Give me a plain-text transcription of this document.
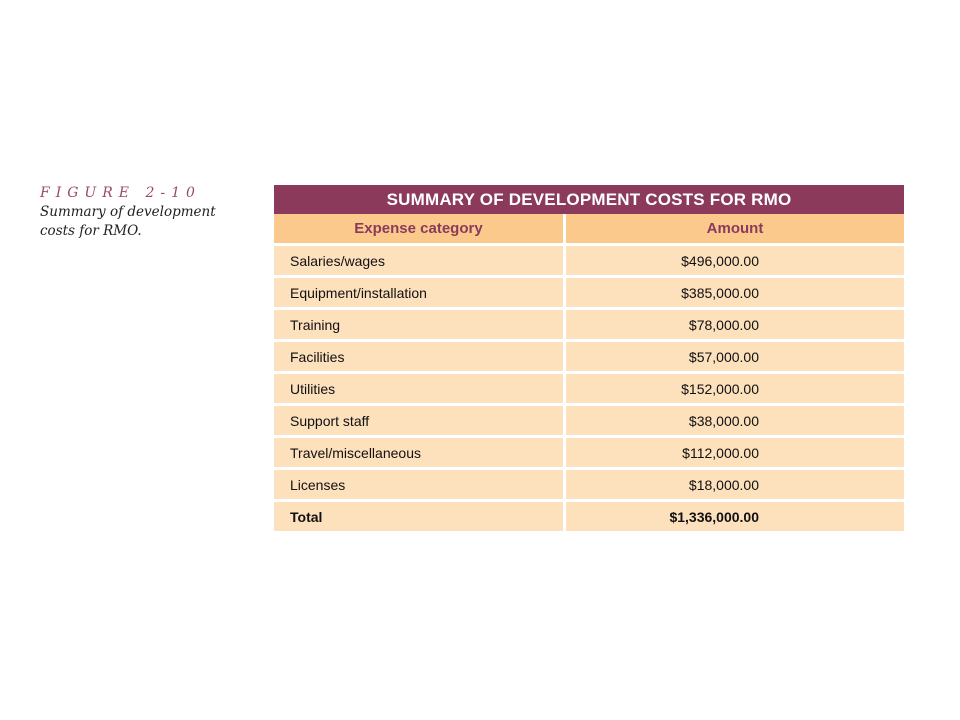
FIGURE 2-10
Summary of development
costs for RMO.
SUMMARY OF DEVELOPMENT COSTS FOR RMO
Expense category	Amount
Salaries/wages	$496,000.00
Equipment/installation	$385,000.00
Training	$78,000.00
Facilities	$57,000.00
Utilities	$152,000.00
Support staff	$38,000.00
Travel/miscellaneous	$112,000.00
Licenses	$18,000.00
Total	$1,336,000.00
